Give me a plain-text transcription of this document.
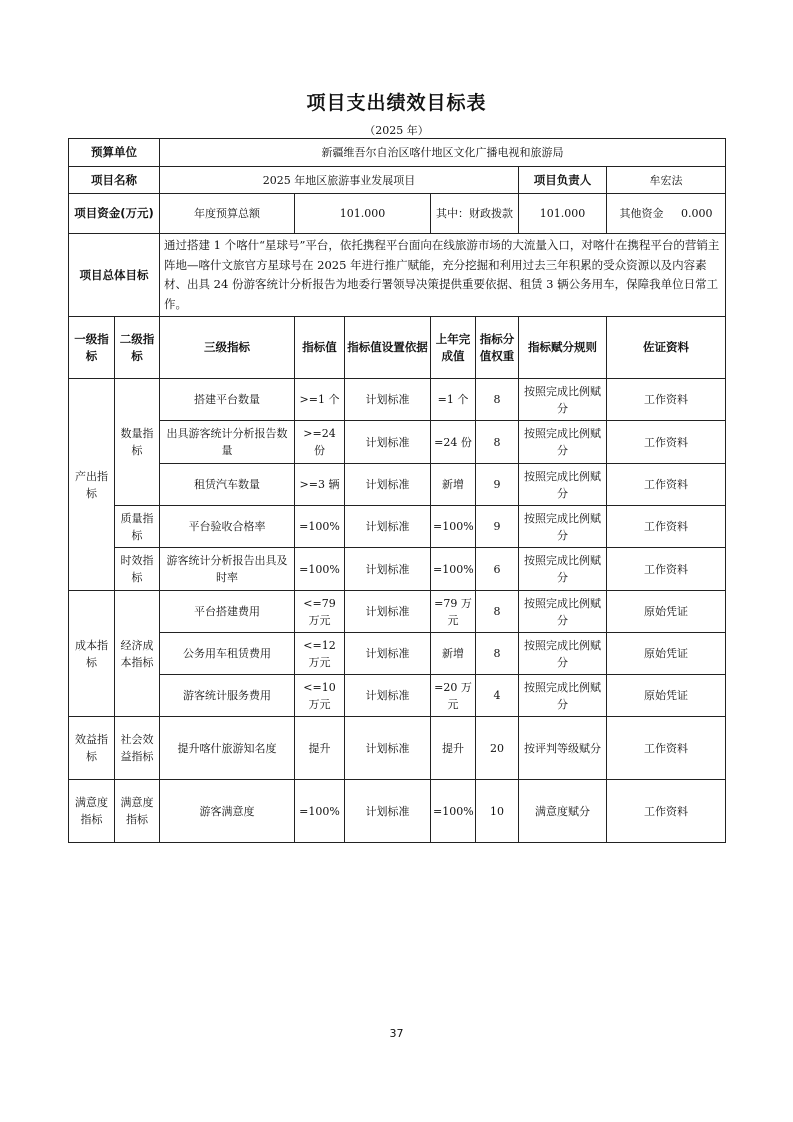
项目支出绩效目标表
（2025 年）
预算单位		新疆维吾尔自治区喀什地区文化广播电视和旅游局						
项目名称		2025 年地区旅游事业发展项目					项目负责人	牟宏法
项目资金(万元)		年度预算总额	101.000		其中：财政拨款		101.000	其他资金 0.000
项目总体目标		通过搭建 1 个喀什“星球号”平台，依托携程平台面向在线旅游市场的大流量入口，对喀什在携程平台的营销主阵地—喀什文旅官方星球号在 2025 年进行推广赋能，充分挖掘和利用过去三年积累的受众资源以及内容素材、出具 24 份游客统计分析报告为地委行署领导决策提供重要依据、租赁 3 辆公务用车，保障我单位日常工作。						
一级指标	二级指标	三级指标	指标值	指标值设置依据	上年完成值	指标分值权重	指标赋分规则	佐证资料
产出指标	数量指标	搭建平台数量	>=1 个	计划标准	=1 个	8	按照完成比例赋分	工作资料
		出具游客统计分析报告数量	>=24 份	计划标准	=24 份	8	按照完成比例赋分	工作资料
		租赁汽车数量	>=3 辆	计划标准	新增	9	按照完成比例赋分	工作资料
	质量指标	平台验收合格率	=100%	计划标准	=100%	9	按照完成比例赋分	工作资料
	时效指标	游客统计分析报告出具及时率	=100%	计划标准	=100%	6	按照完成比例赋分	工作资料
成本指标	经济成本指标	平台搭建费用	<=79 万元	计划标准	=79 万元	8	按照完成比例赋分	原始凭证
		公务用车租赁费用	<=12 万元	计划标准	新增	8	按照完成比例赋分	原始凭证
		游客统计服务费用	<=10 万元	计划标准	=20 万元	4	按照完成比例赋分	原始凭证
效益指标	社会效益指标	提升喀什旅游知名度	提升	计划标准	提升	20	按评判等级赋分	工作资料
满意度指标	满意度指标	游客满意度	=100%	计划标准	=100%	10	满意度赋分	工作资料
37
